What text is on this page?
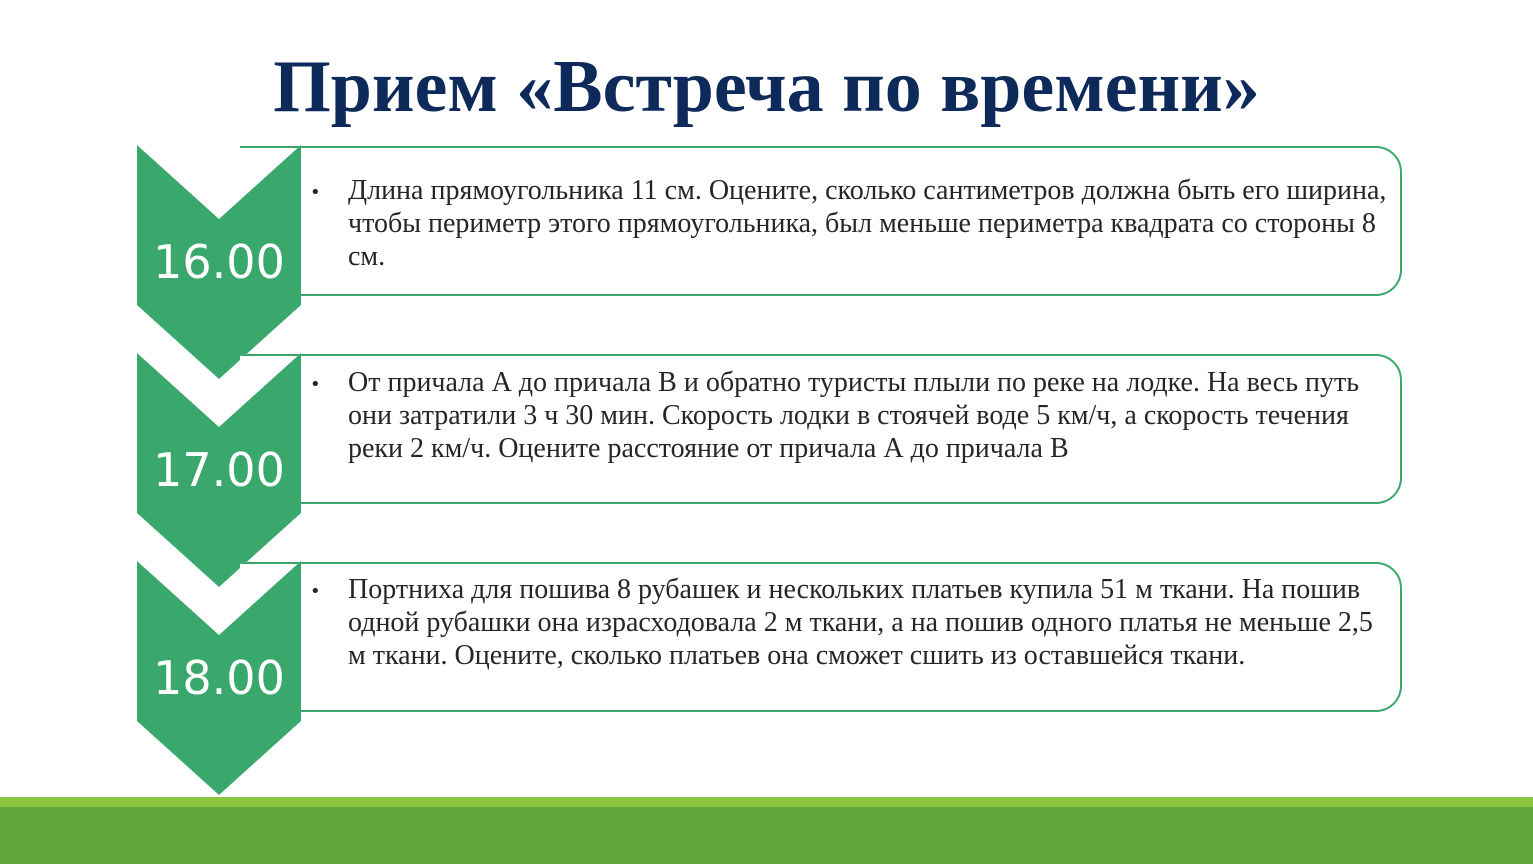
Прием «Встреча по времени»
16.00
• Длина прямоугольника 11 см. Оцените, сколько сантиметров должна быть его ширина, чтобы периметр этого прямоугольника, был меньше периметра квадрата со стороны 8 см.
17.00
• От причала А до причала В и обратно туристы плыли по реке на лодке. На весь путь они затратили 3 ч 30 мин. Скорость лодки в стоячей воде 5 км/ч, а скорость течения реки 2 км/ч. Оцените расстояние от причала А до причала В
18.00
• Портниха для пошива 8 рубашек и нескольких платьев купила 51 м ткани. На пошив одной рубашки она израсходовала 2 м ткани, а на пошив одного платья не меньше 2,5 м ткани. Оцените, сколько платьев она сможет сшить из оставшейся ткани.
